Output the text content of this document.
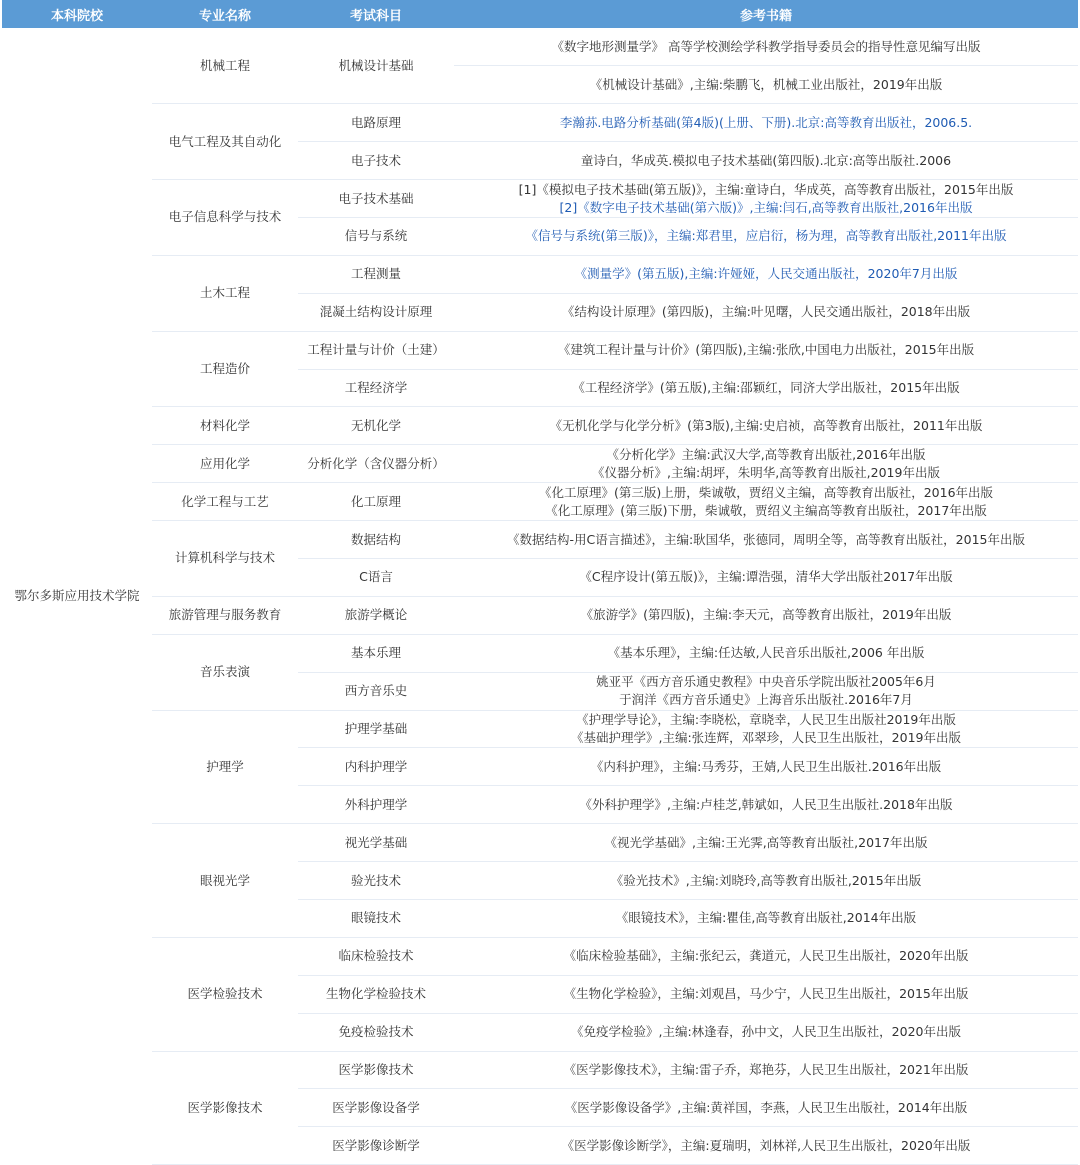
本科院校	专业名称	考试科目	参考书籍
鄂尔多斯应用技术学院	机械工程	机械设计基础	《数字地形测量学》 高等学校测绘学科教学指导委员会的指导性意见编写出版

			《机械设计基础》,主编:柴鹏飞，机械工业出版社，2019年出版

	电气工程及其自动化	电路原理	李瀚荪.电路分析基础(第4版)(上册、下册).北京:高等教育出版社，2006.5.

		电子技术	童诗白，华成英.模拟电子技术基础(第四版).北京:高等出版社.2006

	电子信息科学与技术	电子技术基础	[1]《模拟电子技术基础(第五版)》，主编:童诗白，华成英，高等教育出版社，2015年出版
[2]《数字电子技术基础(第六版)》,主编:闫石,高等教育出版社,2016年出版

		信号与系统	《信号与系统(第三版)》，主编:郑君里，应启衍，杨为理，高等教育出版社,2011年出版

	土木工程	工程测量	《测量学》(第五版),主编:许娅娅，人民交通出版社，2020年7月出版

		混凝土结构设计原理	《结构设计原理》(第四版)，主编:叶见曙，人民交通出版社，2018年出版

	工程造价	工程计量与计价（土建）	《建筑工程计量与计价》(第四版),主编:张欣,中国电力出版社，2015年出版

		工程经济学	《工程经济学》(第五版),主编:邵颖红，同济大学出版社，2015年出版

	材料化学	无机化学	《无机化学与化学分析》(第3版),主编:史启祯，高等教育出版社，2011年出版

	应用化学	分析化学（含仪器分析）	《分析化学》主编:武汉大学,高等教育出版社,2016年出版
《仪器分析》,主编:胡坪，朱明华,高等教育出版社,2019年出版

	化学工程与工艺	化工原理	《化工原理》(第三版)上册，柴诚敬，贾绍义主编，高等教育出版社，2016年出版
《化工原理》(第三版)下册，柴诚敬，贾绍义主编高等教育出版社，2017年出版

	计算机科学与技术	数据结构	《数据结构-用C语言描述》，主编:耿国华，张德同，周明全等，高等教育出版社，2015年出版

		C语言	《C程序设计(第五版)》，主编:谭浩强，清华大学出版社2017年出版

	旅游管理与服务教育	旅游学概论	《旅游学》(第四版)，主编:李天元，高等教育出版社，2019年出版

	音乐表演	基本乐理	《基本乐理》，主编:任达敏,人民音乐出版社,2006 年出版

		西方音乐史	姚亚平《西方音乐通史教程》中央音乐学院出版社2005年6月
于润洋《西方音乐通史》上海音乐出版社.2016年7月

	护理学	护理学基础	《护理学导论》，主编:李晓松，章晓幸，人民卫生出版社2019年出版
《基础护理学》,主编:张连辉，邓翠珍，人民卫生出版社，2019年出版

		内科护理学	《内科护理》，主编:马秀芬，王婧,人民卫生出版社.2016年出版

		外科护理学	《外科护理学》,主编:卢桂芝,韩斌如，人民卫生出版社.2018年出版

	眼视光学	视光学基础	《视光学基础》,主编:王光霁,高等教育出版社,2017年出版

		验光技术	《验光技术》,主编:刘晓玲,高等教育出版社,2015年出版

		眼镜技术	《眼镜技术》，主编:瞿佳,高等教育出版社,2014年出版

	医学检验技术	临床检验技术	《临床检验基础》，主编:张纪云，龚道元，人民卫生出版社，2020年出版

		生物化学检验技术	《生物化学检验》，主编:刘观昌，马少宁，人民卫生出版社，2015年出版

		免疫检验技术	《免疫学检验》,主编:林逢春，孙中文，人民卫生出版社，2020年出版

	医学影像技术	医学影像技术	《医学影像技术》，主编:雷子乔，郑艳芬，人民卫生出版社，2021年出版

		医学影像设备学	《医学影像设备学》,主编:黄祥国，李燕，人民卫生出版社，2014年出版

		医学影像诊断学	《医学影像诊断学》，主编:夏瑞明，刘林祥,人民卫生出版社，2020年出版
